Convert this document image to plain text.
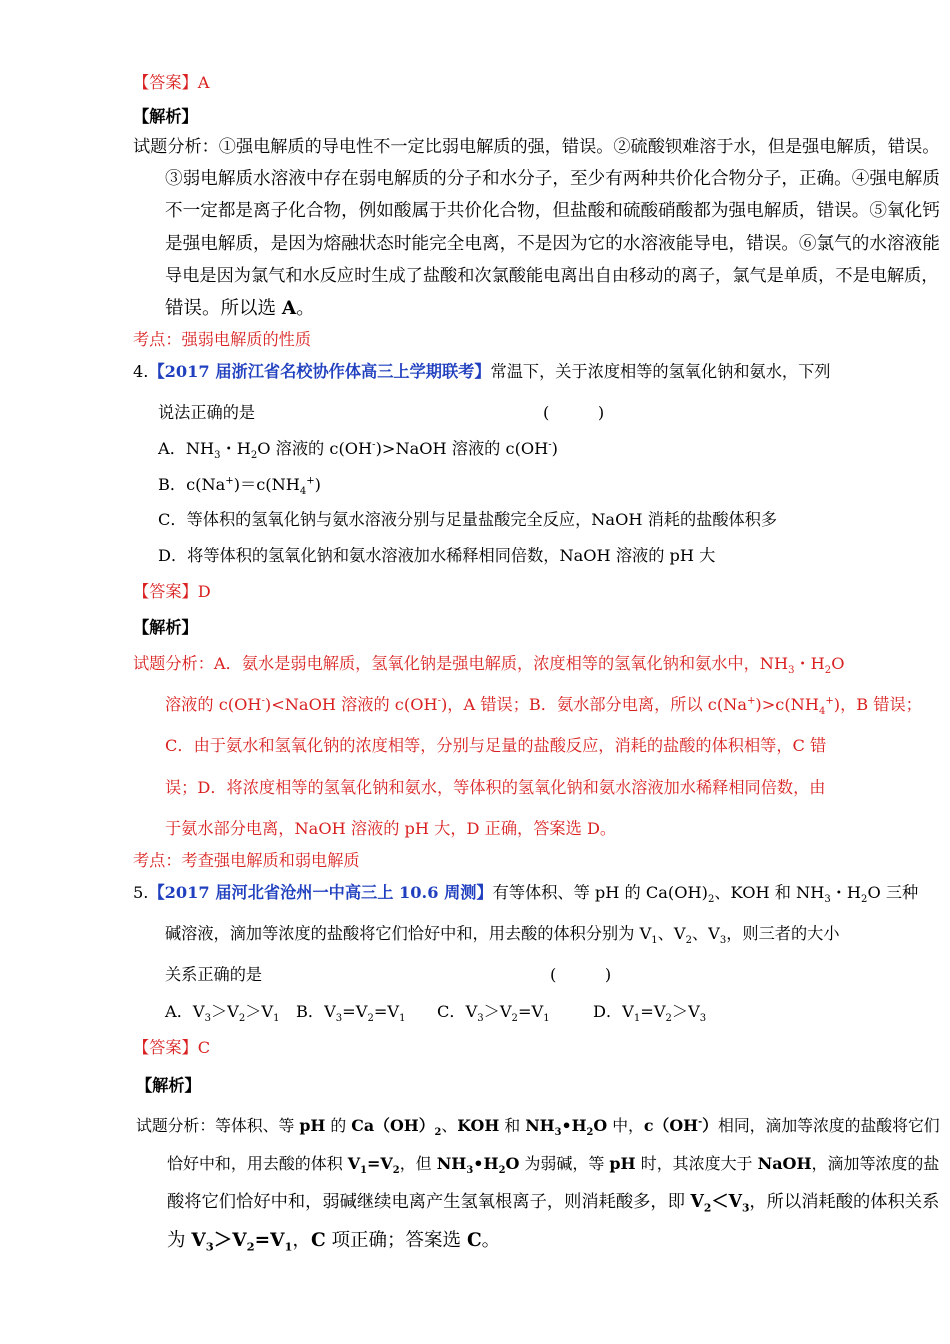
【答案】A
【解析】
试题分析：①强电解质的导电性不一定比弱电解质的强，错误。②硫酸钡难溶于水，但是强电解质，错误。
③弱电解质水溶液中存在弱电解质的分子和水分子，至少有两种共价化合物分子，正确。④强电解质
不一定都是离子化合物，例如酸属于共价化合物，但盐酸和硫酸硝酸都为强电解质，错误。⑤氧化钙
是强电解质，是因为熔融状态时能完全电离，不是因为它的水溶液能导电，错误。⑥氯气的水溶液能
导电是因为氯气和水反应时生成了盐酸和次氯酸能电离出自由移动的离子，氯气是单质，不是电解质，
错误。所以选 A。
考点：强弱电解质的性质
4.【2017 届浙江省名校协作体高三上学期联考】常温下，关于浓度相等的氢氧化钠和氨水，下列
说法正确的是	(　　　)
A．$NH_3$・$H_2O$ 溶液的 c(OH-)>NaOH 溶液的 c(OH-)
B．$c(Na^+)=c(NH_4^+)$
C．等体积的氢氧化钠与氨水溶液分别与足量盐酸完全反应，NaOH 消耗的盐酸体积多
D．将等体积的氢氧化钠和氨水溶液加水稀释相同倍数，NaOH 溶液的 pH 大
【答案】D
【解析】
试题分析：A．氨水是弱电解质，氢氧化钠是强电解质，浓度相等的氢氧化钠和氨水中，$NH_3$・$H_2O$
溶液的 c(OH-)<NaOH 溶液的 c(OH-)，A 错误；B．氨水部分电离，所以 $c(Na^+)>c(NH_4^+)$，B 错误；
C．由于氨水和氢氧化钠的浓度相等，分别与足量的盐酸反应，消耗的盐酸的体积相等，C 错
误；D．将浓度相等的氢氧化钠和氨水，等体积的氢氧化钠和氨水溶液加水稀释相同倍数，由
于氨水部分电离，NaOH 溶液的 pH 大，D 正确，答案选 D。
考点：考查强电解质和弱电解质
5.【2017 届河北省沧州一中高三上 10.6 周测】有等体积、等 pH 的 $Ca(OH)_2$、KOH 和 $NH_3$・$H_2O$ 三种
碱溶液，滴加等浓度的盐酸将它们恰好中和，用去酸的体积分别为 $V_1$、$V_2$、$V_3$，则三者的大小
关系正确的是	(　　　)
A．$V_3>V_2>V_1$ B．$V_3=V_2=V_1$ C．$V_3>V_2=V_1$	D．$V_1=V_2>V_3$
【答案】C
【解析】
试题分析：等体积、等 pH 的 $Ca(OH)_2$、KOH 和 $NH_3•H_2O$ 中，c（OH-）相同，滴加等浓度的盐酸将它们
恰好中和，用去酸的体积 $V_1=V_2$，但 $NH_3•H_2O$ 为弱碱，等 pH 时，其浓度大于 NaOH，滴加等浓度的盐
酸将它们恰好中和，弱碱继续电离产生氢氧根离子，则消耗酸多，即 $V_2<V_3$，所以消耗酸的体积关系
为 $V_3>V_2=V_1$，C 项正确；答案选 C。
